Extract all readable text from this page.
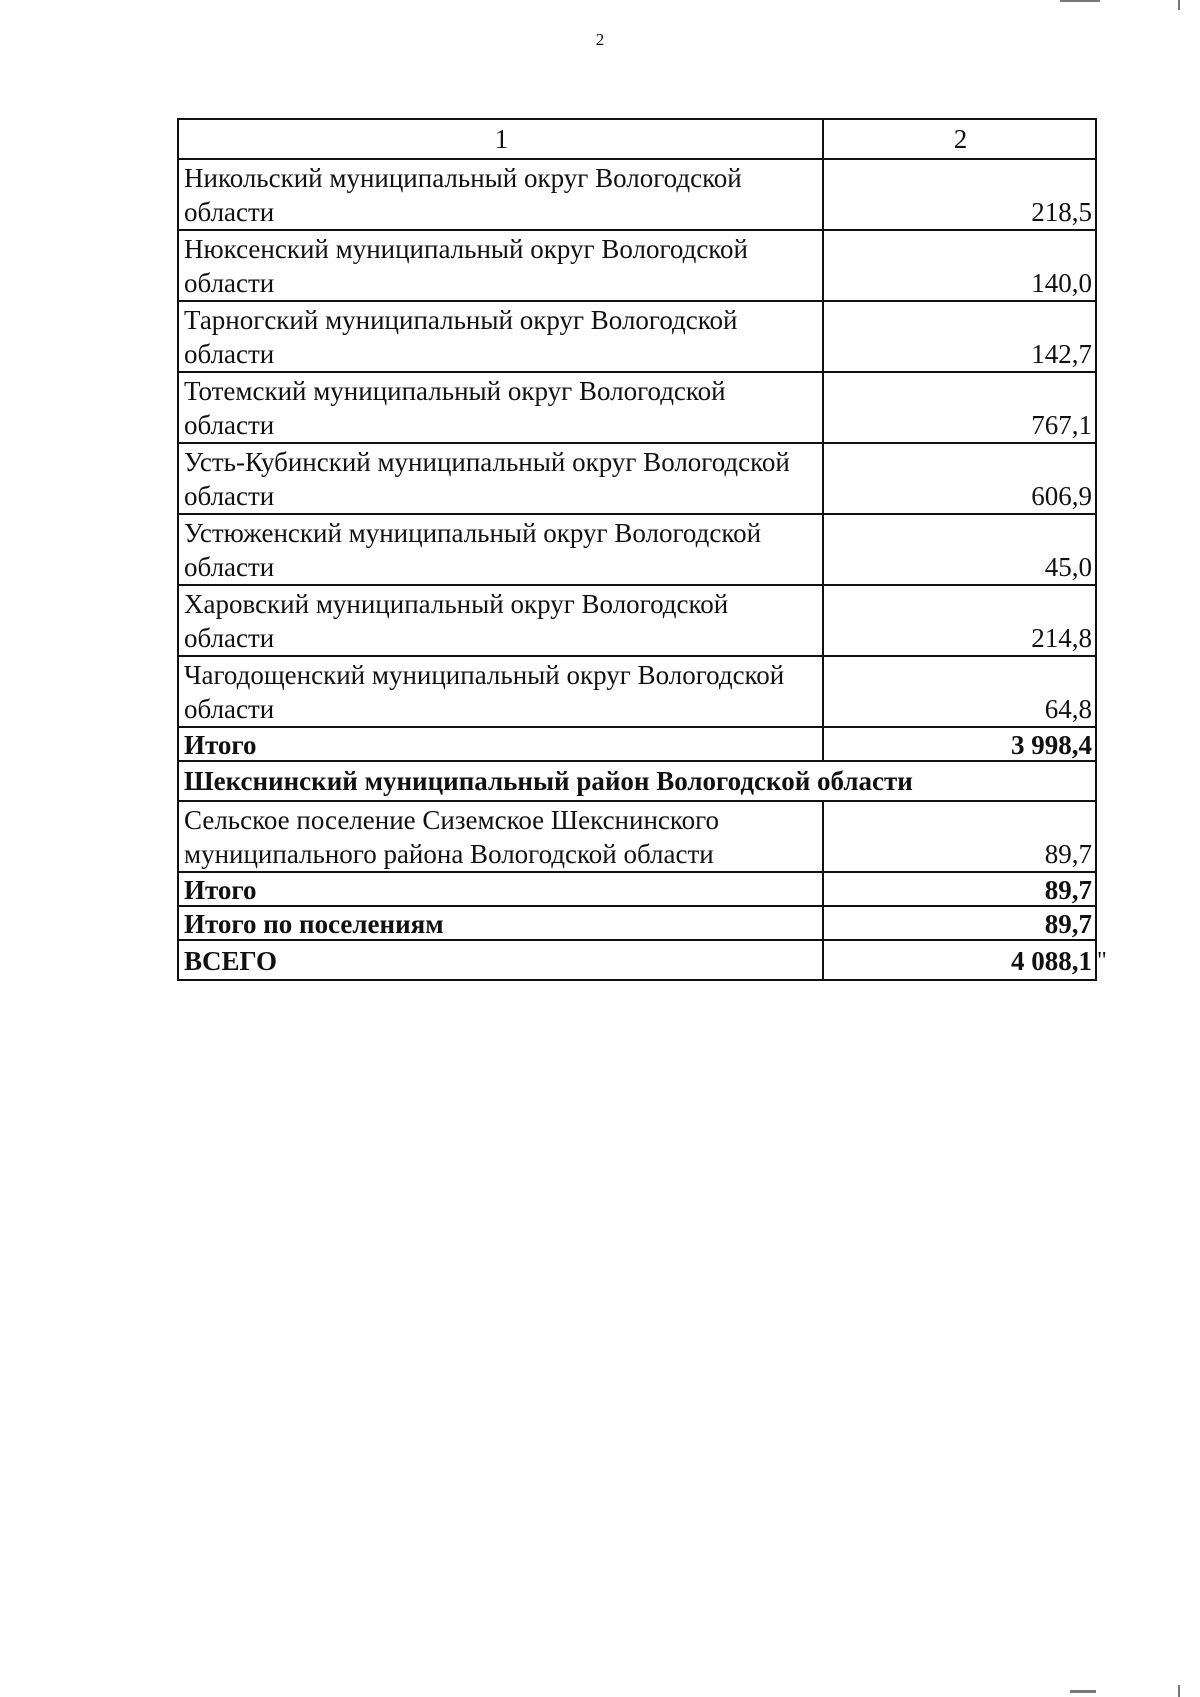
2
1	2
Никольский муниципальный округ Вологодской области	218,5
Нюксенский муниципальный округ Вологодской области	140,0
Тарногский муниципальный округ Вологодской области	142,7
Тотемский муниципальный округ Вологодской области	767,1
Усть-Кубинский муниципальный округ Вологодской области	606,9
Устюженский муниципальный округ Вологодской области	45,0
Харовский муниципальный округ Вологодской области	214,8
Чагодощенский муниципальный округ Вологодской области	64,8
Итого	3 998,4
Шекснинский муниципальный район Вологодской области	
Сельское поселение Сиземское Шекснинского муниципального района Вологодской области	89,7
Итого	89,7
Итого по поселениям	89,7
ВСЕГО	4 088,1 "
